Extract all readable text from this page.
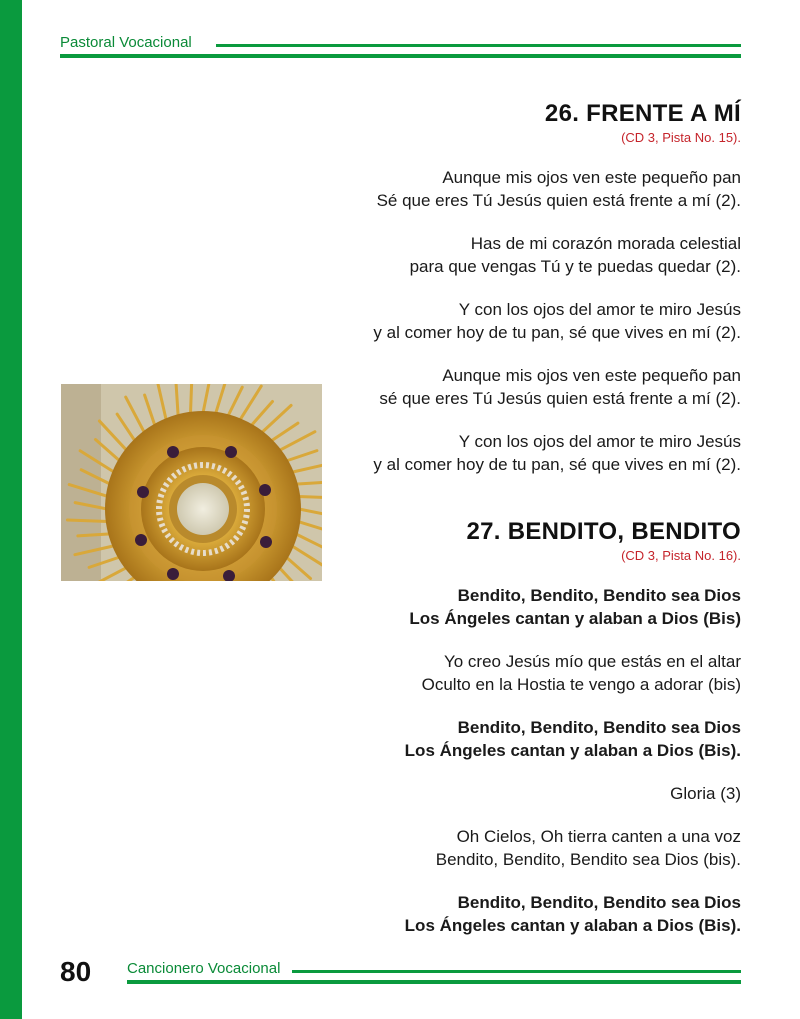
Pastoral Vocacional
26. FRENTE A MÍ
(CD 3, Pista No. 15).
Aunque mis ojos ven este pequeño pan
Sé que eres Tú Jesús quien está frente a mí (2).
Has de mi corazón morada celestial
para que vengas Tú y te puedas quedar (2).
Y con los ojos del amor te miro Jesús
y al comer hoy de tu pan, sé que vives en mí (2).
Aunque mis ojos ven este pequeño pan
sé que eres Tú Jesús quien está frente a mí (2).
Y con los ojos del amor te miro Jesús
y al comer hoy de tu pan, sé que vives en mí (2).
27. BENDITO, BENDITO
(CD 3, Pista No. 16).
Bendito, Bendito, Bendito sea Dios
Los Ángeles cantan y alaban a Dios (Bis)
Yo creo Jesús mío que estás en el altar
Oculto en la Hostia te vengo a adorar (bis)
Bendito, Bendito, Bendito sea Dios
Los Ángeles cantan y alaban a Dios (Bis).
Gloria (3)
Oh Cielos, Oh tierra canten a una voz
Bendito, Bendito, Bendito sea Dios (bis).
Bendito, Bendito, Bendito sea Dios
Los Ángeles cantan y alaban a Dios (Bis).
80 Cancionero Vocacional
